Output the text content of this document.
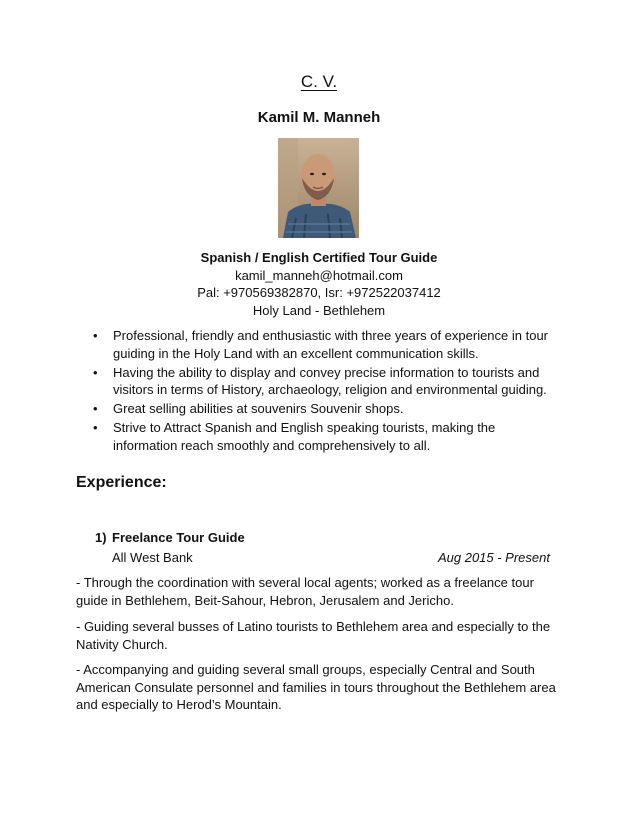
C. V.
Kamil M. Manneh
Spanish / English Certified Tour Guide
kamil_manneh@hotmail.com
Pal: +970569382870, Isr: +972522037412
Holy Land - Bethlehem
• Professional, friendly and enthusiastic with three years of experience in tour guiding in the Holy Land with an excellent communication skills.
• Having the ability to display and convey precise information to tourists and visitors in terms of History, archaeology, religion and environmental guiding.
• Great selling abilities at souvenirs Souvenir shops.
• Strive to Attract Spanish and English speaking tourists, making the information reach smoothly and comprehensively to all.
Experience:
1) Freelance Tour Guide
All West Bank	Aug 2015 - Present

- Through the coordination with several local agents; worked as a freelance tour guide in Bethlehem, Beit-Sahour, Hebron, Jerusalem and Jericho.

- Guiding several busses of Latino tourists to Bethlehem area and especially to the Nativity Church.

- Accompanying and guiding several small groups, especially Central and South American Consulate personnel and families in tours throughout the Bethlehem area and especially to Herod’s Mountain.
